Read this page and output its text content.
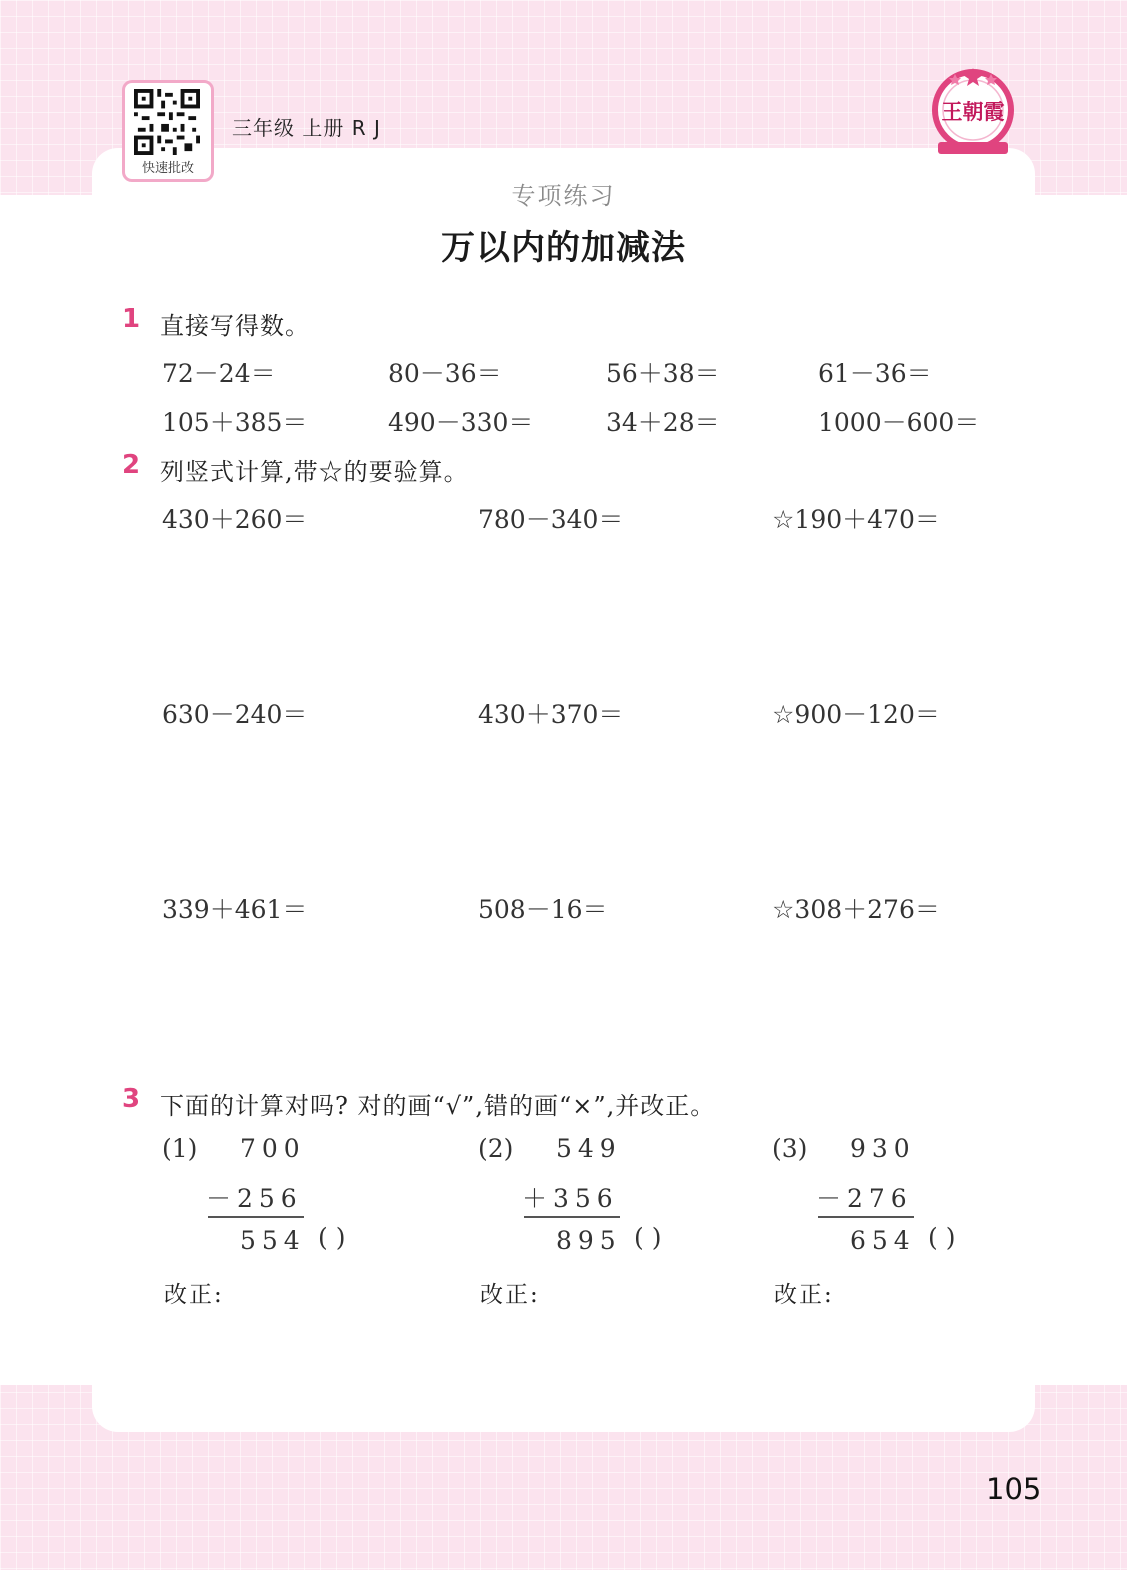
快速批改
三年级 上册 R J
王朝霞
专项练习
万以内的加减法
1 直接写得数。
72－24＝	80－36＝	56＋38＝	61－36＝
105＋385＝	490－330＝	34＋28＝	1000－600＝
2 列竖式计算,带☆的要验算。
430＋260＝	780－340＝	☆190＋470＝
630－240＝	430＋370＝	☆900－120＝
339＋461＝	508－16＝	☆308＋276＝
3 下面的计算对吗? 对的画“√”,错的画“×”,并改正。
(1) 700
－256
554 ( )
改正:
(2) 549
＋356
895 ( )
改正:
(3) 930
－276
654 ( )
改正:
105
